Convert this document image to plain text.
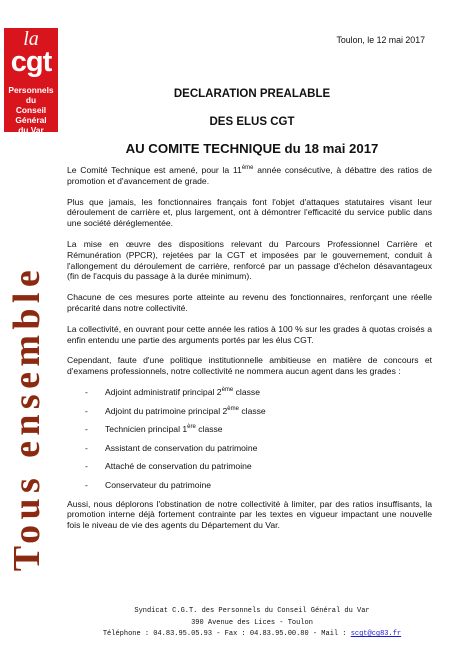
la
cgt
Personnels du
Conseil Général
du Var
Tous ensemble
Toulon, le 12 mai 2017
DECLARATION PREALABLE
DES ELUS CGT
AU COMITE TECHNIQUE du 18 mai 2017

Le Comité Technique est amené, pour la 11ème année consécutive, à débattre des ratios de promotion et d'avancement de grade.

Plus que jamais, les fonctionnaires français font l'objet d'attaques statutaires visant leur déroulement de carrière et, plus largement, ont à démontrer l'efficacité du service public dans une société déréglementée.

La mise en œuvre des dispositions relevant du Parcours Professionnel Carrière et Rémunération (PPCR), rejetées par la CGT et imposées par le gouvernement, conduit à l'allongement du déroulement de carrière, renforcé par un passage d'échelon désavantageux (fin de l'acquis du passage à la durée minimum).

Chacune de ces mesures porte atteinte au revenu des fonctionnaires, renforçant une réelle précarité dans notre collectivité.

La collectivité, en ouvrant pour cette année les ratios à 100 % sur les grades à quotas croisés a enfin entendu une partie des arguments portés par les élus CGT.

Cependant, faute d'une politique institutionnelle ambitieuse en matière de concours et d'examens professionnels, notre collectivité ne nommera aucun agent dans les grades :

- Adjoint administratif principal 2ème classe
- Adjoint du patrimoine principal 2ème classe
- Technicien principal 1ère classe
- Assistant de conservation du patrimoine
- Attaché de conservation du patrimoine
- Conservateur du patrimoine

Aussi, nous déplorons l'obstination de notre collectivité à limiter, par des ratios insuffisants, la promotion interne déjà fortement contrainte par les textes en vigueur impactant une nouvelle fois le niveau de vie des agents du Département du Var.

Syndicat C.G.T. des Personnels du Conseil Général du Var
390 Avenue des Lices - Toulon
Téléphone : 04.83.95.05.93 - Fax : 04.83.95.00.80 - Mail : scgt@cg83.fr
